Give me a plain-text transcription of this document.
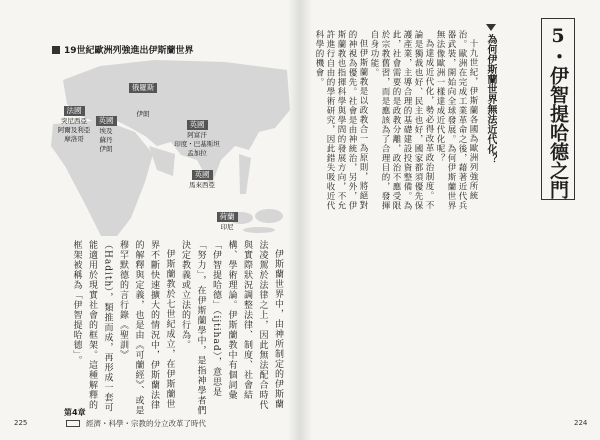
5・伊智提哈德之門
為何伊斯蘭世界無法近代化？

十九世紀，伊斯蘭各國為歐洲列強所統治。歐洲在完成工業革命之後，藉著近代兵器武裝，開始向全球發展。為何伊斯蘭世界無法像歐洲一樣達成近代化呢？

為達成近代化，勢必得改革政治制度。不論是獨裁也好、民主也好，國家都須優先保護產業，主導合理的基礎建設投資整備。為此，社會需要的是政教分離，政治不應受限於宗教舊習，而是應該為了合理目的，發揮自身功能。

但伊斯蘭教是以政教合一為原則，將絕對的神視為優先。社會是由神統治，另外，伊斯蘭教也指揮科學與學問的發展方向，不允許進行自由的學術研究，因此錯失吸收近代科學的機會。

19世紀歐洲列強進出伊斯蘭世界
法國
突尼西亞
阿爾及利亞
摩洛哥
英國
埃及
蘇丹
伊朗
俄羅斯
伊朗
英國
阿富汗
印度・巴基斯坦
孟加拉
英國
馬來西亞
荷蘭
印尼

伊斯蘭世界中，由神所制定的伊斯蘭法凌駕於法律之上，因此無法配合時代與實際狀況調整法律、制度、社會結構、學術理論。伊斯蘭教中有個詞彙「伊智提哈德」（ijtihad），意思是「努力」，在伊斯蘭學中，是指神學者們決定教義或立法的行為。

伊斯蘭教於七世紀成立，在伊斯蘭世界不斷快速擴大的情況中，伊斯蘭法律的解釋與定義，也是由《可蘭經》、或是穆罕默德的言行錄《聖訓》（Hadith），類推而成，再形成一套可能適用於現實社會的框架。這種解釋的框架被稱為「伊智提哈德」。

225
第4章
經濟・科學・宗教的分立改革了時代	224
